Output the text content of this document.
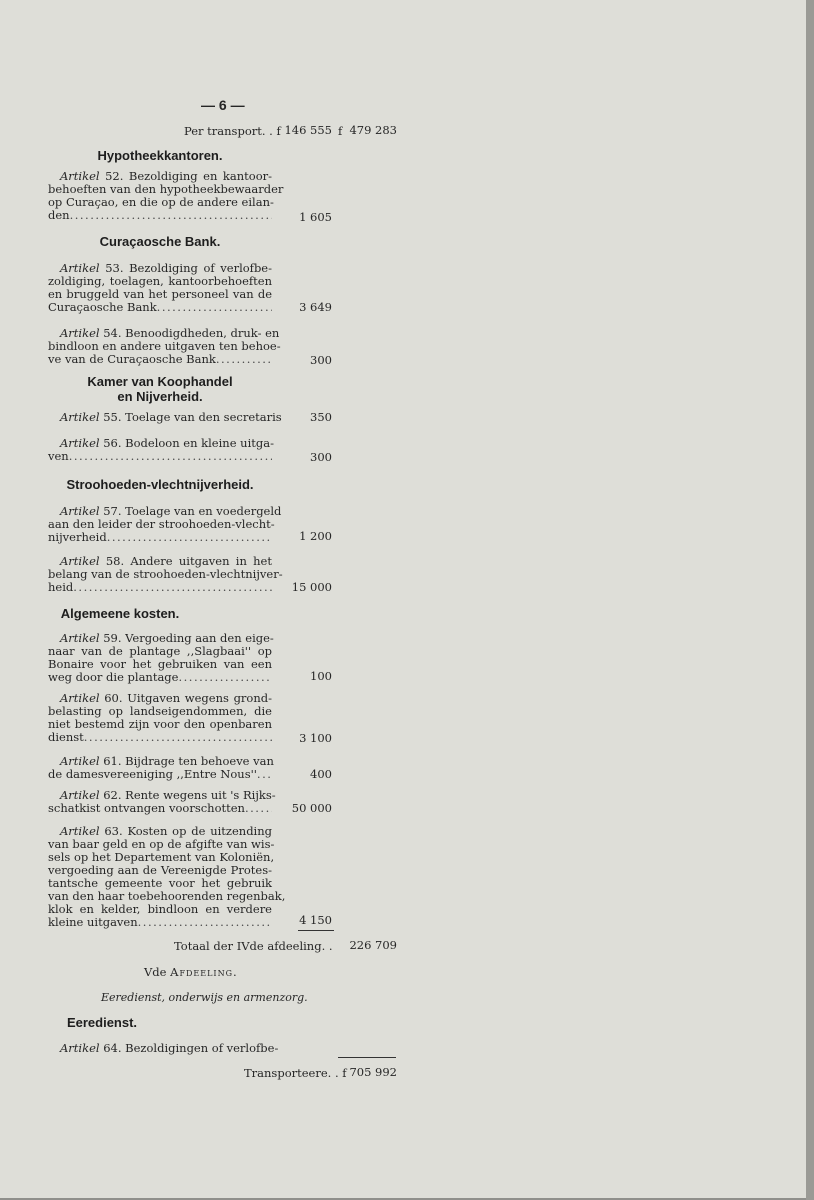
— 6 —
Per transport. . f 146 555 f 479 283
Hypotheekkantoren.
Artikel 52. Bezoldiging en kantoor-
behoeften van den hypotheekbewaarder
op Curaçao, en die op de andere eilan-
den .....	1 605
Curaçaosche Bank.
Artikel 53. Bezoldiging of verlofbe-
zoldiging, toelagen, kantoorbehoeften
en bruggeld van het personeel van de
Curaçaosche Bank .....	3 649
Artikel 54. Benoodigdheden, druk- en
bindloon en andere uitgaven ten behoe-
ve van de Curaçaosche Bank .....	300
Kamer van Koophandel
en Nijverheid.
Artikel 55. Toelage van den secretaris 350
Artikel 56. Bodeloon en kleine uitga-
ven .....	300
Stroohoeden-vlechtnijverheid.
Artikel 57. Toelage van en voedergeld
aan den leider der stroohoeden-vlecht-
nijverheid .....	1 200
Artikel 58. Andere uitgaven in het
belang van de stroohoeden-vlechtnijver-
heid .....	15 000
Algemeene kosten.
Artikel 59. Vergoeding aan den eige-
naar van de plantage ,,Slagbaai'' op
Bonaire voor het gebruiken van een
weg door die plantage .....	100
Artikel 60. Uitgaven wegens grond-
belasting op landseigendommen, die
niet bestemd zijn voor den openbaren
dienst .....	3 100
Artikel 61. Bijdrage ten behoeve van
de damesvereeniging ,,Entre Nous'' .....	400
Artikel 62. Rente wegens uit 's Rijks-
schatkist ontvangen voorschotten .....	50 000
Artikel 63. Kosten op de uitzending
van baar geld en op de afgifte van wis-
sels op het Departement van Koloniën,
vergoeding aan de Vereenigde Protes-
tantsche gemeente voor het gebruik
van den haar toebehoorenden regenbak,
klok en kelder, bindloon en verdere
kleine uitgaven .....	4 150
Totaal der IVde afdeeling. . 226 709
Vde Afdeeling.
Eeredienst, onderwijs en armenzorg.
Eeredienst.
Artikel 64. Bezoldigingen of verlofbe-
Transporteere. . f 705 992
